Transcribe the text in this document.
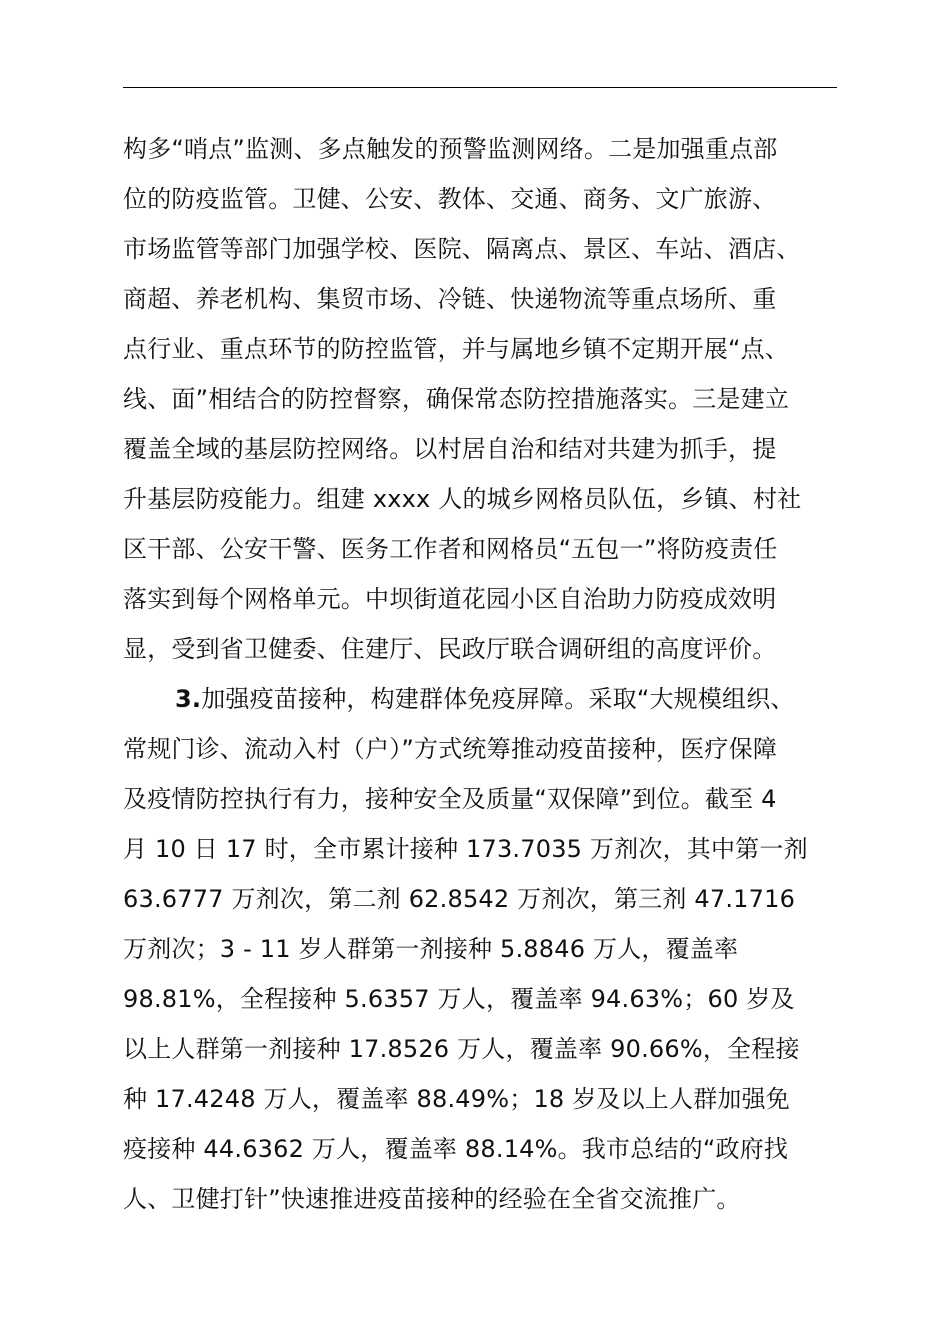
构多“哨点”监测、多点触发的预警监测网络。二是加强重点部
位的防疫监管。卫健、公安、教体、交通、商务、文广旅游、
市场监管等部门加强学校、医院、隔离点、景区、车站、酒店、
商超、养老机构、集贸市场、冷链、快递物流等重点场所、重
点行业、重点环节的防控监管，并与属地乡镇不定期开展“点、
线、面”相结合的防控督察，确保常态防控措施落实。三是建立
覆盖全域的基层防控网络。以村居自治和结对共建为抓手，提
升基层防疫能力。组建 xxxx 人的城乡网格员队伍，乡镇、村社
区干部、公安干警、医务工作者和网格员“五包一”将防疫责任
落实到每个网格单元。中坝街道花园小区自治助力防疫成效明
显，受到省卫健委、住建厅、民政厅联合调研组的高度评价。
3.加强疫苗接种，构建群体免疫屏障。采取“大规模组织、
常规门诊、流动入村（户）”方式统筹推动疫苗接种，医疗保障
及疫情防控执行有力，接种安全及质量“双保障”到位。截至 4
月 10 日 17 时，全市累计接种 173.7035 万剂次，其中第一剂
63.6777 万剂次，第二剂 62.8542 万剂次，第三剂 47.1716
万剂次；3 - 11 岁人群第一剂接种 5.8846 万人，覆盖率
98.81%，全程接种 5.6357 万人，覆盖率 94.63%；60 岁及
以上人群第一剂接种 17.8526 万人，覆盖率 90.66%，全程接
种 17.4248 万人，覆盖率 88.49%；18 岁及以上人群加强免
疫接种 44.6362 万人，覆盖率 88.14%。我市总结的“政府找
人、卫健打针”快速推进疫苗接种的经验在全省交流推广。
